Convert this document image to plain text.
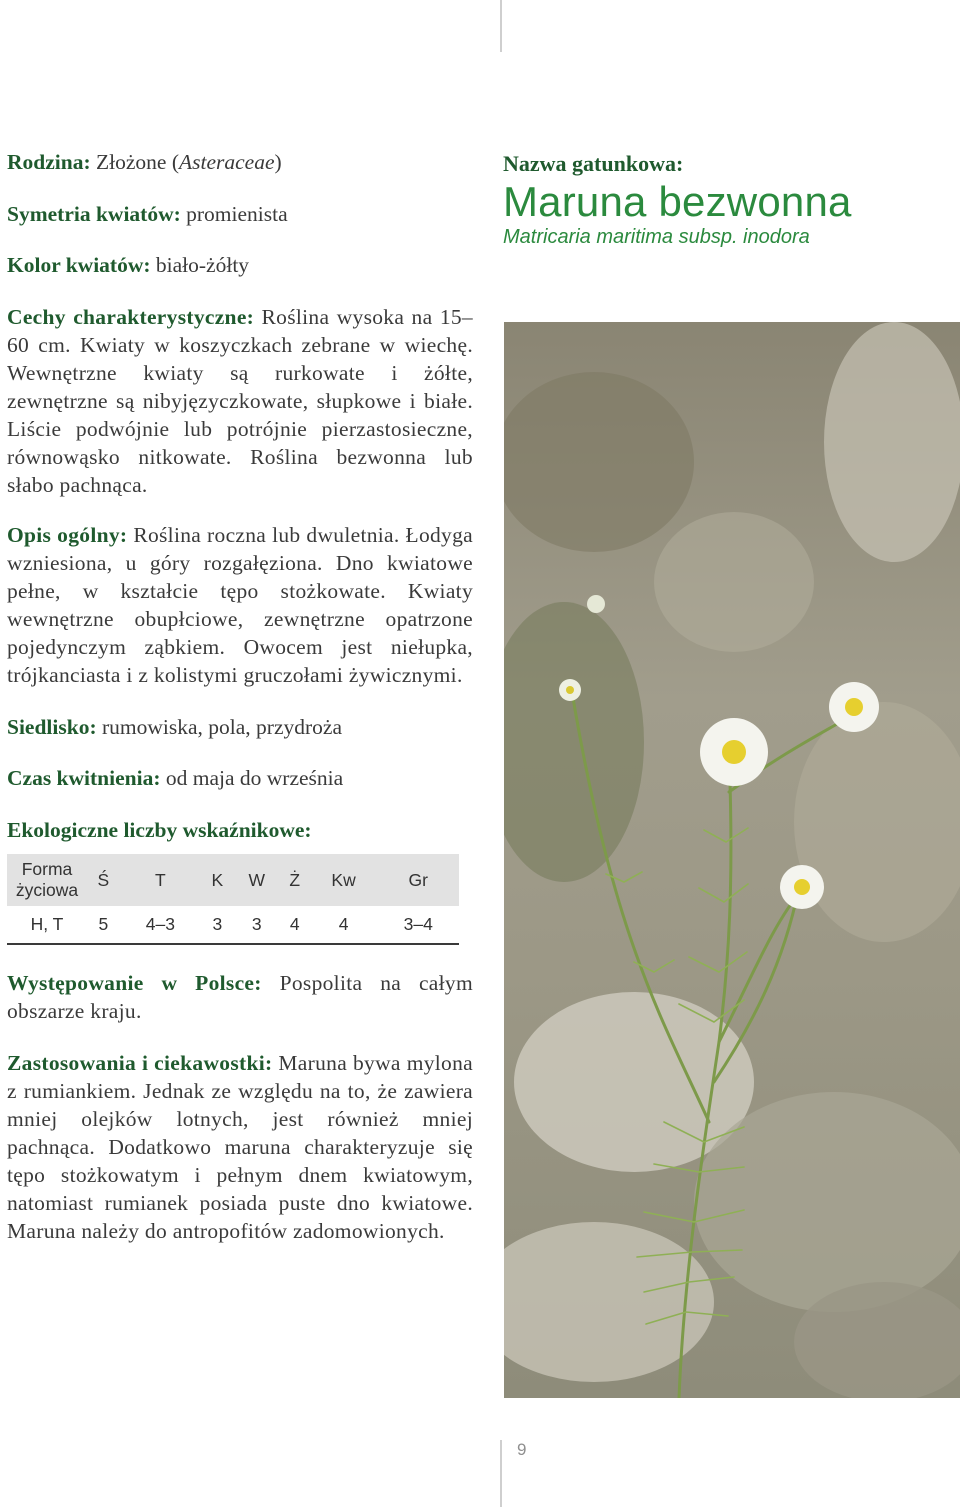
Rodzina: Złożone (Asteraceae)

Symetria kwiatów: promienista

Kolor kwiatów: biało-żółty

Cechy charakterystyczne: Roślina wysoka na 15–60 cm. Kwiaty w koszyczkach zebrane w wiechę. Wewnętrzne kwiaty są rurkowate i żółte, zewnętrzne są nibyjęzyczkowate, słupkowe i białe. Liście podwójnie lub potrójnie pierzastosieczne, równowąsko nitkowate. Roślina bezwonna lub słabo pachnąca.

Opis ogólny: Roślina roczna lub dwuletnia. Łodyga wzniesiona, u góry rozgałęziona. Dno kwiatowe pełne, w kształcie tępo stożkowate. Kwiaty wewnętrzne obupłciowe, zewnętrzne opatrzone pojedynczym ząbkiem. Owocem jest niełupka, trójkanciasta i z kolistymi gruczołami żywicznymi.

Siedlisko: rumowiska, pola, przydroża

Czas kwitnienia: od maja do września

Ekologiczne liczby wskaźnikowe:

Forma
życiowa	Ś	T	K	W	Ż	Kw	Gr
H, T	5	4–3	3	3	4	4	3–4

Występowanie w Polsce: Pospolita na całym obszarze kraju.

Zastosowania i ciekawostki: Maruna bywa mylona z rumiankiem. Jednak ze względu na to, że zawiera mniej olejków lotnych, jest również mniej pachnąca. Dodatkowo maruna charakteryzuje się tępo stożkowatym i pełnym dnem kwiatowym, natomiast rumianek posiada puste dno kwiatowe. Maruna należy do antropofitów zadomowionych.

Nazwa gatunkowa:
Maruna bezwonna
Matricaria maritima subsp. inodora
9
